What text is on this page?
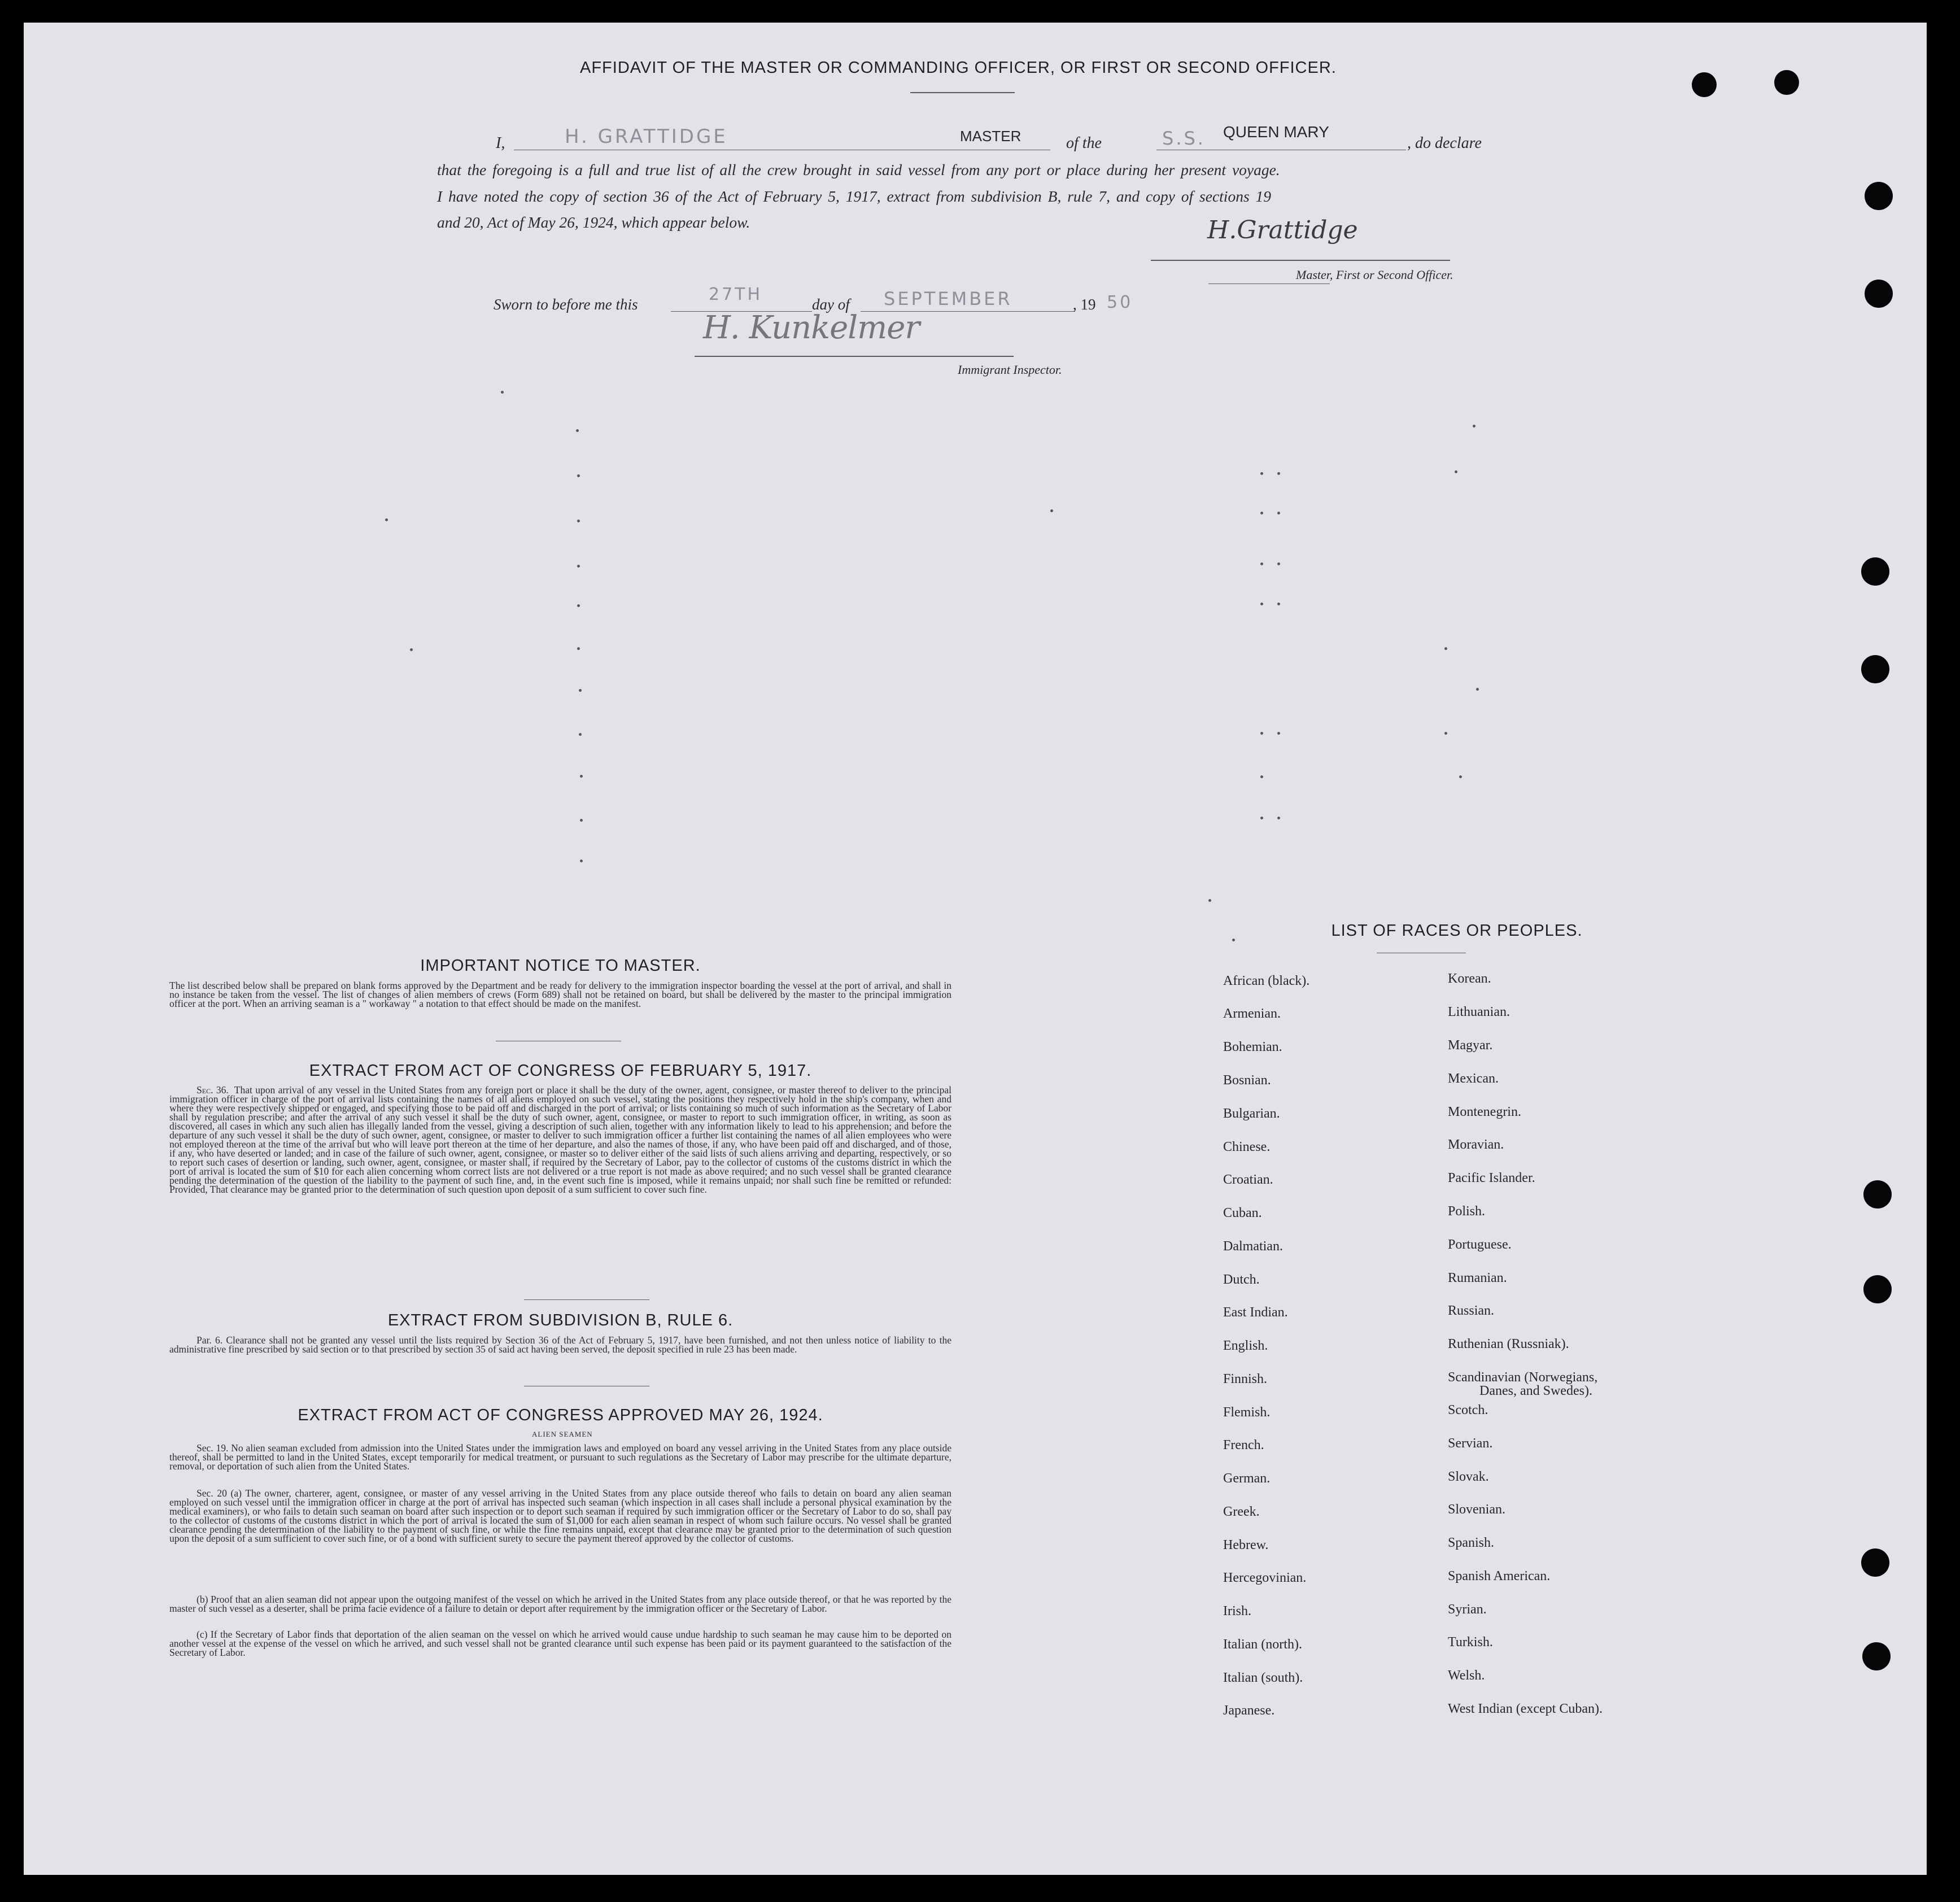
AFFIDAVIT OF THE MASTER OR COMMANDING OFFICER, OR FIRST OR SECOND OFFICER.
I,	H. GRATTIDGE	MASTER	of the	S.S. QUEEN MARY
, do declare
that the foregoing is a full and true list of all the crew brought in said vessel from any port or place during her present voyage.
I have noted the copy of section 36 of the Act of February 5, 1917, extract from subdivision B, rule 7, and copy of sections 19
and 20, Act of May 26, 1924, which appear below.	H.Grattidge
Master, First or Second Officer.
Sworn to before me this	27TH	day of SEPTEMBER	, 19 50
H. Kunkelmer
Immigrant Inspector.
IMPORTANT NOTICE TO MASTER.
The list described below shall be prepared on blank forms approved by the Department and be ready for delivery to the immigration inspector boarding the vessel at the port of arrival, and shall in no instance be taken from the vessel. The list of changes of alien members of crews (Form 689) shall not be retained on board, but shall be delivered by the master to the principal immigration officer at the port. When an arriving seaman is a " workaway " a notation to that effect should be made on the manifest.
EXTRACT FROM ACT OF CONGRESS OF FEBRUARY 5, 1917.
Sec. 36. That upon arrival of any vessel in the United States from any foreign port or place it shall be the duty of the owner, agent, consignee, or master thereof to deliver to the principal immigration officer in charge of the port of arrival lists containing the names of all aliens employed on such vessel, stating the positions they respectively hold in the ship's company, when and where they were respectively shipped or engaged, and specifying those to be paid off and discharged in the port of arrival; or lists containing so much of such information as the Secretary of Labor shall by regulation prescribe; and after the arrival of any such vessel it shall be the duty of such owner, agent, consignee, or master to report to such immigration officer, in writing, as soon as discovered, all cases in which any such alien has illegally landed from the vessel, giving a description of such alien, together with any information likely to lead to his apprehension; and before the departure of any such vessel it shall be the duty of such owner, agent, consignee, or master to deliver to such immigration officer a further list containing the names of all alien employees who were not employed thereon at the time of the arrival but who will leave port thereon at the time of her departure, and also the names of those, if any, who have been paid off and discharged, and of those, if any, who have deserted or landed; and in case of the failure of such owner, agent, consignee, or master so to deliver either of the said lists of such aliens arriving and departing, respectively, or so to report such cases of desertion or landing, such owner, agent, consignee, or master shall, if required by the Secretary of Labor, pay to the collector of customs of the customs district in which the port of arrival is located the sum of $10 for each alien concerning whom correct lists are not delivered or a true report is not made as above required; and no such vessel shall be granted clearance pending the determination of the question of the liability to the payment of such fine, and, in the event such fine is imposed, while it remains unpaid; nor shall such fine be remitted or refunded: Provided, That clearance may be granted prior to the determination of such question upon deposit of a sum sufficient to cover such fine.
EXTRACT FROM SUBDIVISION B, RULE 6.
Par. 6. Clearance shall not be granted any vessel until the lists required by Section 36 of the Act of February 5, 1917, have been furnished, and not then unless notice of liability to the administrative fine prescribed by said section or to that prescribed by section 35 of said act having been served, the deposit specified in rule 23 has been made.
EXTRACT FROM ACT OF CONGRESS APPROVED MAY 26, 1924.
ALIEN SEAMEN
Sec. 19. No alien seaman excluded from admission into the United States under the immigration laws and employed on board any vessel arriving in the United States from any place outside thereof, shall be permitted to land in the United States, except temporarily for medical treatment, or pursuant to such regulations as the Secretary of Labor may prescribe for the ultimate departure, removal, or deportation of such alien from the United States.
Sec. 20 (a) The owner, charterer, agent, consignee, or master of any vessel arriving in the United States from any place outside thereof who fails to detain on board any alien seaman employed on such vessel until the immigration officer in charge at the port of arrival has inspected such seaman (which inspection in all cases shall include a personal physical examination by the medical examiners), or who fails to detain such seaman on board after such inspection or to deport such seaman if required by such immigration officer or the Secretary of Labor to do so, shall pay to the collector of customs of the customs district in which the port of arrival is located the sum of $1,000 for each alien seaman in respect of whom such failure occurs. No vessel shall be granted clearance pending the determination of the liability to the payment of such fine, or while the fine remains unpaid, except that clearance may be granted prior to the determination of such question upon the deposit of a sum sufficient to cover such fine, or of a bond with sufficient surety to secure the payment thereof approved by the collector of customs.
(b) Proof that an alien seaman did not appear upon the outgoing manifest of the vessel on which he arrived in the United States from any place outside thereof, or that he was reported by the master of such vessel as a deserter, shall be prima facie evidence of a failure to detain or deport after requirement by the immigration officer or the Secretary of Labor.
(c) If the Secretary of Labor finds that deportation of the alien seaman on the vessel on which he arrived would cause undue hardship to such seaman he may cause him to be deported on another vessel at the expense of the vessel on which he arrived, and such vessel shall not be granted clearance until such expense has been paid or its payment guaranteed to the satisfaction of the Secretary of Labor.
LIST OF RACES OR PEOPLES.
African (black).
Armenian.
Bohemian.
Bosnian.
Bulgarian.
Chinese.
Croatian.
Cuban.
Dalmatian.
Dutch.
East Indian.
English.
Finnish.
Flemish.
French.
German.
Greek.
Hebrew.
Hercegovinian.
Irish.
Italian (north).
Italian (south).
Japanese.
Korean.
Lithuanian.
Magyar.
Mexican.
Montenegrin.
Moravian.
Pacific Islander.
Polish.
Portuguese.
Rumanian.
Russian.
Ruthenian (Russniak).
Scandinavian (Norwegians,
Danes, and Swedes).
Scotch.
Servian.
Slovak.
Slovenian.
Spanish.
Spanish American.
Syrian.
Turkish.
Welsh.
West Indian (except Cuban).
